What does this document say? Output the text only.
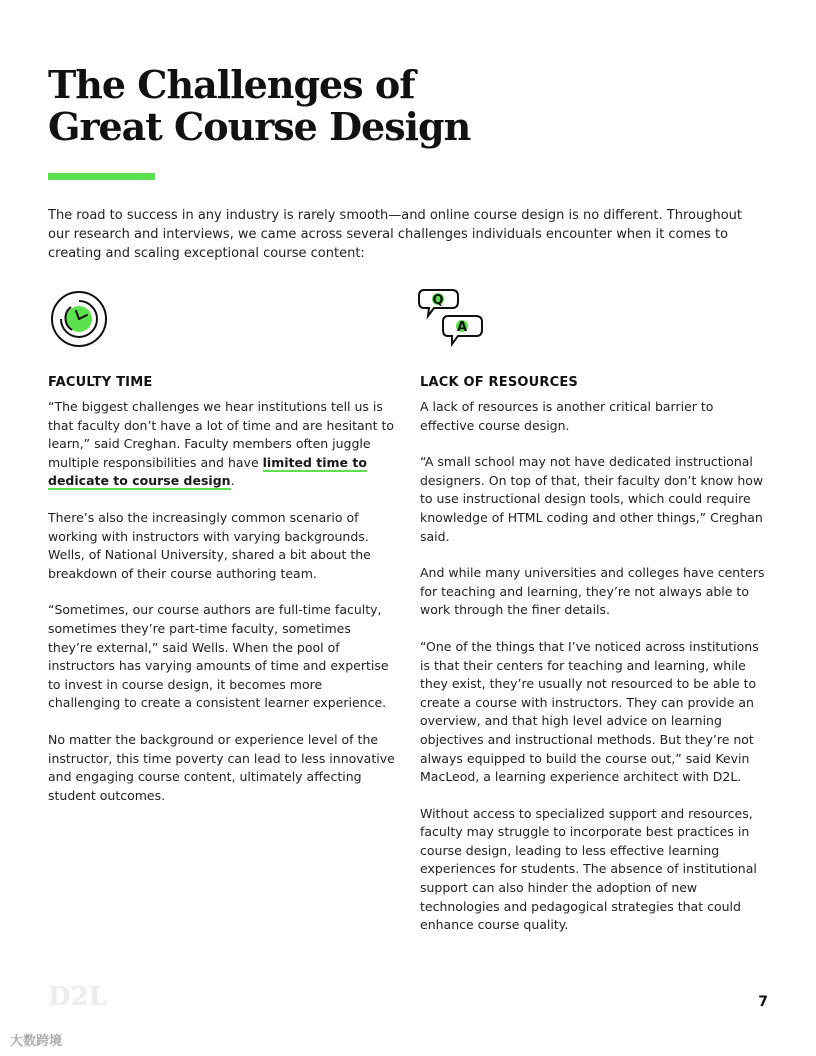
The Challenges of
Great Course Design

The road to success in any industry is rarely smooth—and online course design is no different. Throughout our research and interviews, we came across several challenges individuals encounter when it comes to creating and scaling exceptional course content:

Q
A
FACULTY TIME

“The biggest challenges we hear institutions tell us is that faculty don’t have a lot of time and are hesitant to learn,” said Creghan. Faculty members often juggle multiple responsibilities and have limited time to dedicate to course design.

There’s also the increasingly common scenario of working with instructors with varying backgrounds. Wells, of National University, shared a bit about the breakdown of their course authoring team.

“Sometimes, our course authors are full-time faculty, sometimes they’re part-time faculty, sometimes they’re external,” said Wells. When the pool of instructors has varying amounts of time and expertise to invest in course design, it becomes more challenging to create a consistent learner experience.

No matter the background or experience level of the instructor, this time poverty can lead to less innovative and engaging course content, ultimately affecting student outcomes.

LACK OF RESOURCES

A lack of resources is another critical barrier to effective course design.

“A small school may not have dedicated instructional designers. On top of that, their faculty don’t know how to use instructional design tools, which could require knowledge of HTML coding and other things,” Creghan said.

And while many universities and colleges have centers for teaching and learning, they’re not always able to work through the finer details.

“One of the things that I’ve noticed across institutions is that their centers for teaching and learning, while they exist, they’re usually not resourced to be able to create a course with instructors. They can provide an overview, and that high level advice on learning objectives and instructional methods. But they’re not always equipped to build the course out,” said Kevin MacLeod, a learning experience architect with D2L.

Without access to specialized support and resources, faculty may struggle to incorporate best practices in course design, leading to less effective learning experiences for students. The absence of institutional support can also hinder the adoption of new technologies and pedagogical strategies that could enhance course quality.

D2L
大数跨境
7
